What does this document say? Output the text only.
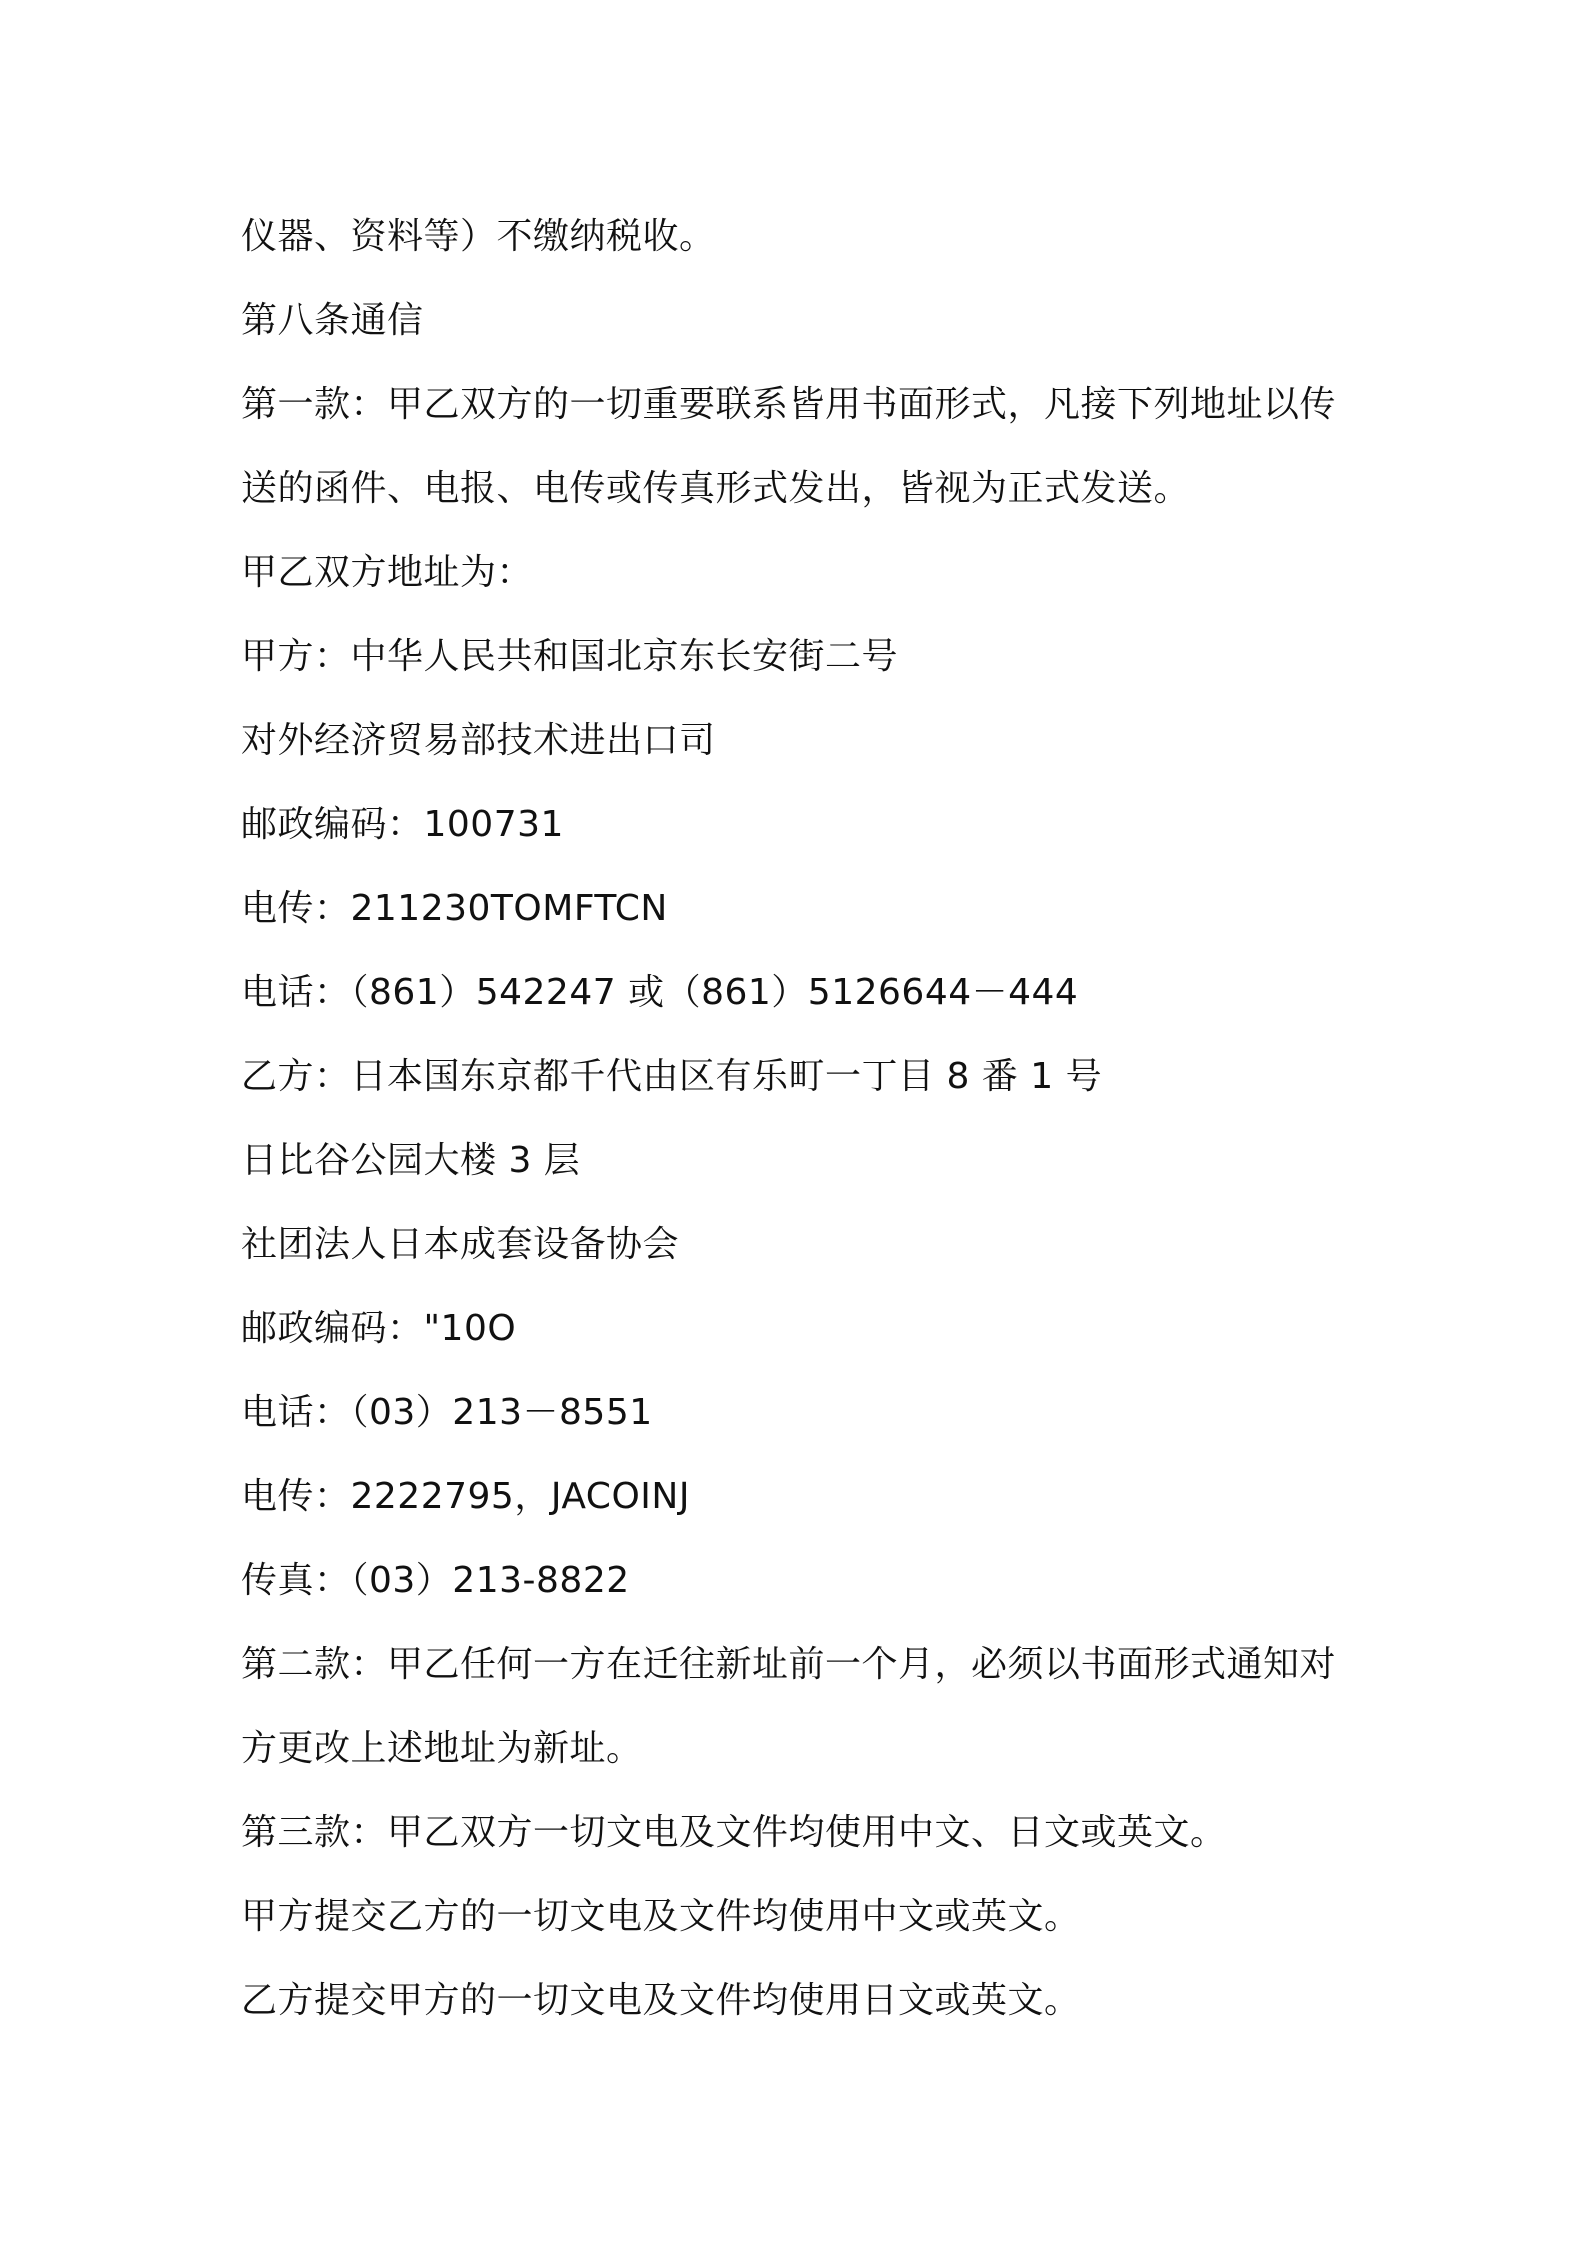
仪器、资料等）不缴纳税收。
第八条通信
第一款：甲乙双方的一切重要联系皆用书面形式，凡接下列地址以传
送的函件、电报、电传或传真形式发出，皆视为正式发送。
甲乙双方地址为：
甲方：中华人民共和国北京东长安街二号
对外经济贸易部技术进出口司
邮政编码：100731
电传：211230TOMFTCN
电话：（861）542247 或（861）5126644－444
乙方：日本国东京都千代由区有乐町一丁目 8 番 1 号
日比谷公园大楼 3 层
社团法人日本成套设备协会
邮政编码："10O
电话：（03）213－8551
电传：2222795，JACOINJ
传真：（03）213-8822
第二款：甲乙任何一方在迁往新址前一个月，必须以书面形式通知对
方更改上述地址为新址。
第三款：甲乙双方一切文电及文件均使用中文、日文或英文。
甲方提交乙方的一切文电及文件均使用中文或英文。
乙方提交甲方的一切文电及文件均使用日文或英文。
